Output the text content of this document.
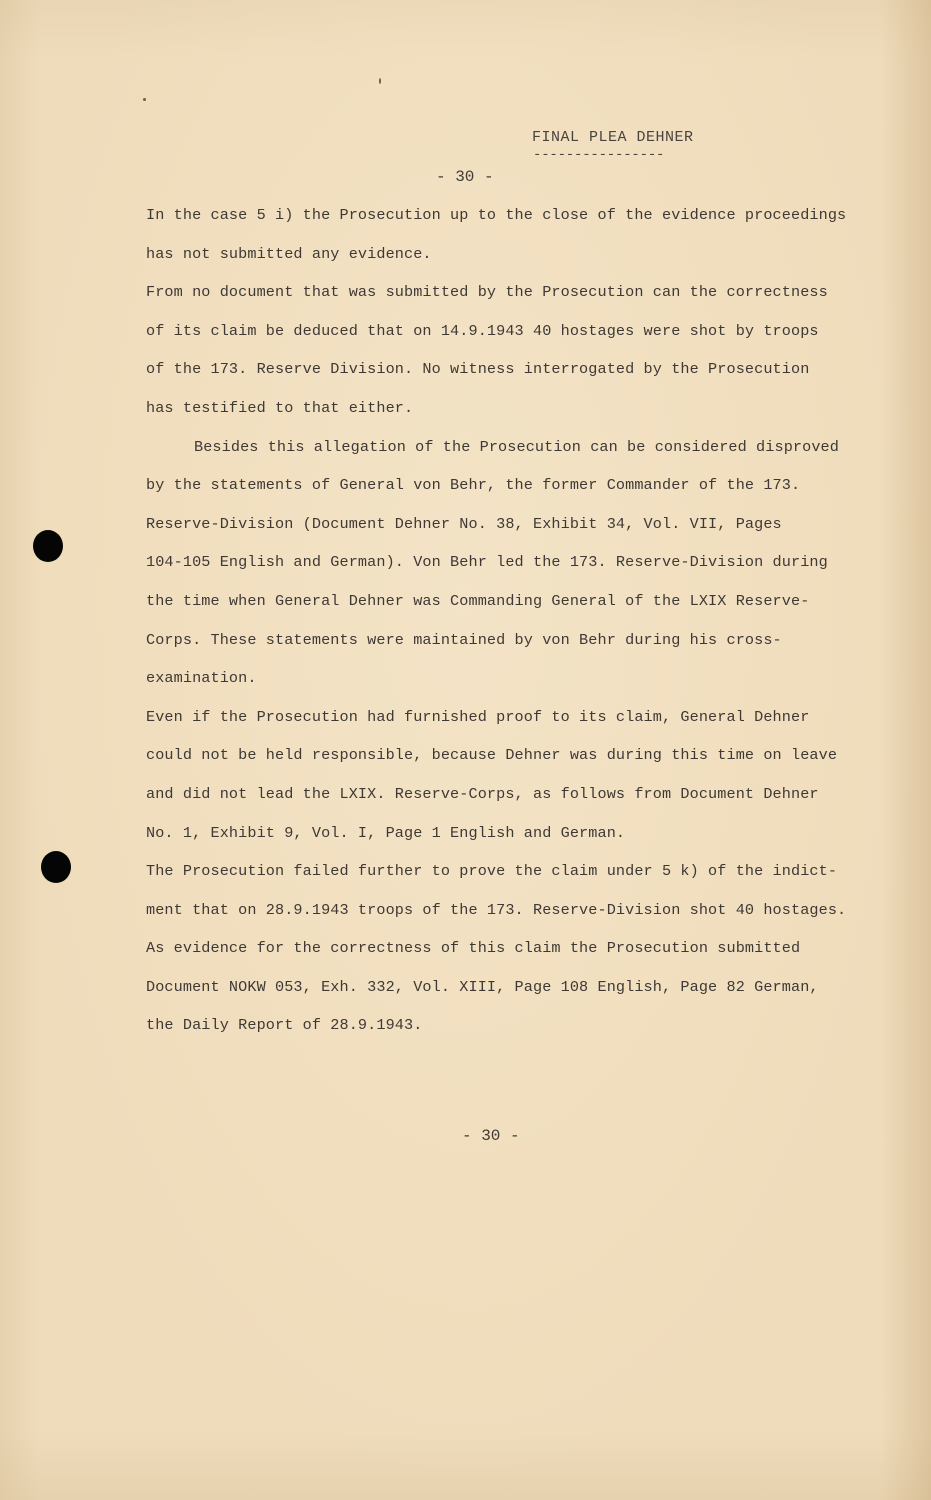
FINAL PLEA DEHNER
----------------
- 30 -
In the case 5 i) the Prosecution up to the close of the evidence proceedings
has not submitted any evidence.
From no document that was submitted by the Prosecution can the correctness
of its claim be deduced that on 14.9.1943 40 hostages were shot by troops
of the 173. Reserve Division. No witness interrogated by the Prosecution
has testified to that either.
Besides this allegation of the Prosecution can be considered disproved
by the statements of General von Behr, the former Commander of the 173.
Reserve-Division (Document Dehner No. 38, Exhibit 34, Vol. VII, Pages
104-105 English and German). Von Behr led the 173. Reserve-Division during
the time when General Dehner was Commanding General of the LXIX Reserve-
Corps. These statements were maintained by von Behr during his cross-
examination.
Even if the Prosecution had furnished proof to its claim, General Dehner
could not be held responsible, because Dehner was during this time on leave
and did not lead the LXIX. Reserve-Corps, as follows from Document Dehner
No. 1, Exhibit 9, Vol. I, Page 1 English and German.
The Prosecution failed further to prove the claim under 5 k) of the indict-
ment that on 28.9.1943 troops of the 173. Reserve-Division shot 40 hostages.
As evidence for the correctness of this claim the Prosecution submitted
Document NOKW 053, Exh. 332, Vol. XIII, Page 108 English, Page 82 German,
the Daily Report of 28.9.1943.
- 30 -
